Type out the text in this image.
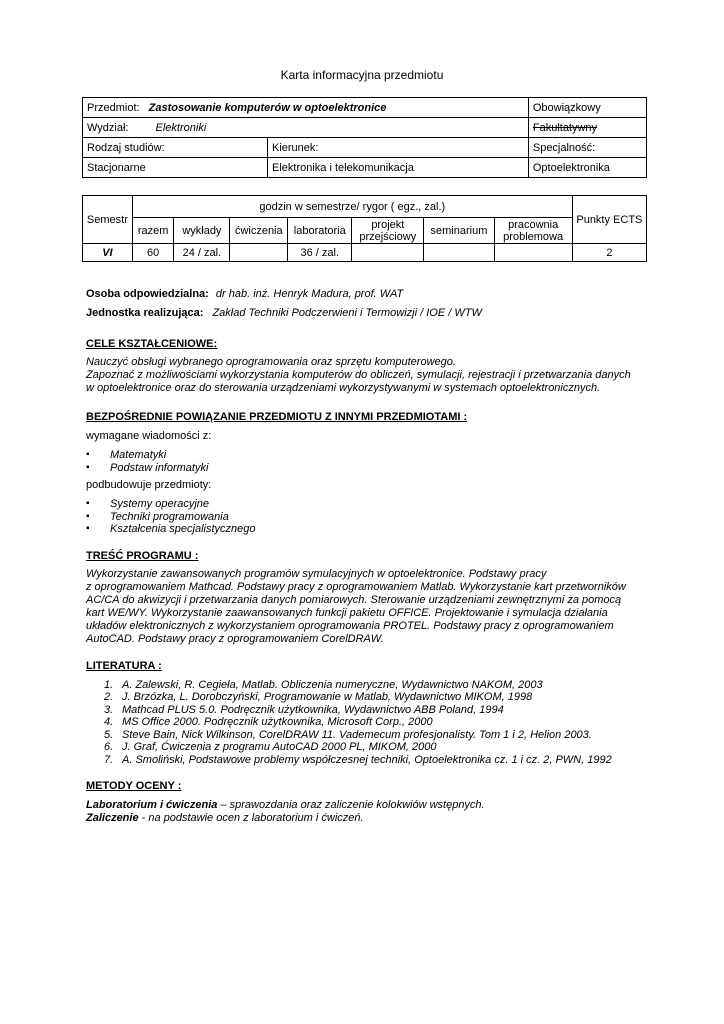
Karta informacyjna przedmiotu
Przedmiot: Zastosowanie komputerów w optoelektronice		Obowiązkowy
Wydział: Elektroniki		Fakultatywny
Rodzaj studiów:	Kierunek:	Specjalność:
Stacjonarne	Elektronika i telekomunikacja	Optoelektronika
Semestr	godzin w semestrze/ rygor ( egz., zal.)							Punkty ECTS
	razem	wykłady	ćwiczenia	laboratoria	projekt przejściowy	seminarium	pracownia problemowa	
VI	60	24 / zal.		36 / zal.				2

Osoba odpowiedzialna: dr hab. inż. Henryk Madura, prof. WAT

Jednostka realizująca: Zakład Techniki Podczerwieni i Termowizji / IOE / WTW

CELE KSZTAŁCENIOWE:

Nauczyć obsługi wybranego oprogramowania oraz sprzętu komputerowego.

Zapoznać z możliwościami wykorzystania komputerów do obliczeń, symulacji, rejestracji i przetwarzania danych

w optoelektronice oraz do sterowania urządzeniami wykorzystywanymi w systemach optoelektronicznych.

BEZPOŚREDNIE POWIĄZANIE PRZEDMIOTU Z INNYMI PRZEDMIOTAMI :

wymagane wiadomości z:

▪ Matematyki
▪ Podstaw informatyki

podbudowuje przedmioty:

▪ Systemy operacyjne
▪ Techniki programowania
▪ Kształcenia specjalistycznego

TREŚĆ PROGRAMU :

Wykorzystanie zawansowanych programów symulacyjnych w optoelektronice. Podstawy pracy

z oprogramowaniem Mathcad. Podstawy pracy z oprogramowaniem Matlab. Wykorzystanie kart przetworników

AC/CA do akwizycji i przetwarzania danych pomiarowych. Sterowanie urządzeniami zewnętrznymi za pomocą

kart WE/WY. Wykorzystanie zaawansowanych funkcji pakietu OFFICE. Projektowanie i symulacja działania

układów elektronicznych z wykorzystaniem oprogramowania PROTEL. Podstawy pracy z oprogramowaniem

AutoCAD. Podstawy pracy z oprogramowaniem CorelDRAW.

LITERATURA :

1. A. Zalewski, R. Cegieła, Matlab. Obliczenia numeryczne, Wydawnictwo NAKOM, 2003
2. J. Brzózka, L. Dorobczyński, Programowanie w Matlab, Wydawnictwo MIKOM, 1998
3. Mathcad PLUS 5.0. Podręcznik użytkownika, Wydawnictwo ABB Poland, 1994
4. MS Office 2000. Podręcznik użytkownika, Microsoft Corp., 2000
5. Steve Bain, Nick Wilkinson, CorelDRAW 11. Vademecum profesjonalisty. Tom 1 i 2, Helion 2003.
6. J. Graf, Ćwiczenia z programu AutoCAD 2000 PL, MIKOM, 2000
7. A. Smoliński, Podstawowe problemy współczesnej techniki, Optoelektronika cz. 1 i cz. 2, PWN, 1992

METODY OCENY :

Laboratorium i ćwiczenia – sprawozdania oraz zaliczenie kolokwiów wstępnych.

Zaliczenie - na podstawie ocen z laboratorium i ćwiczeń.
